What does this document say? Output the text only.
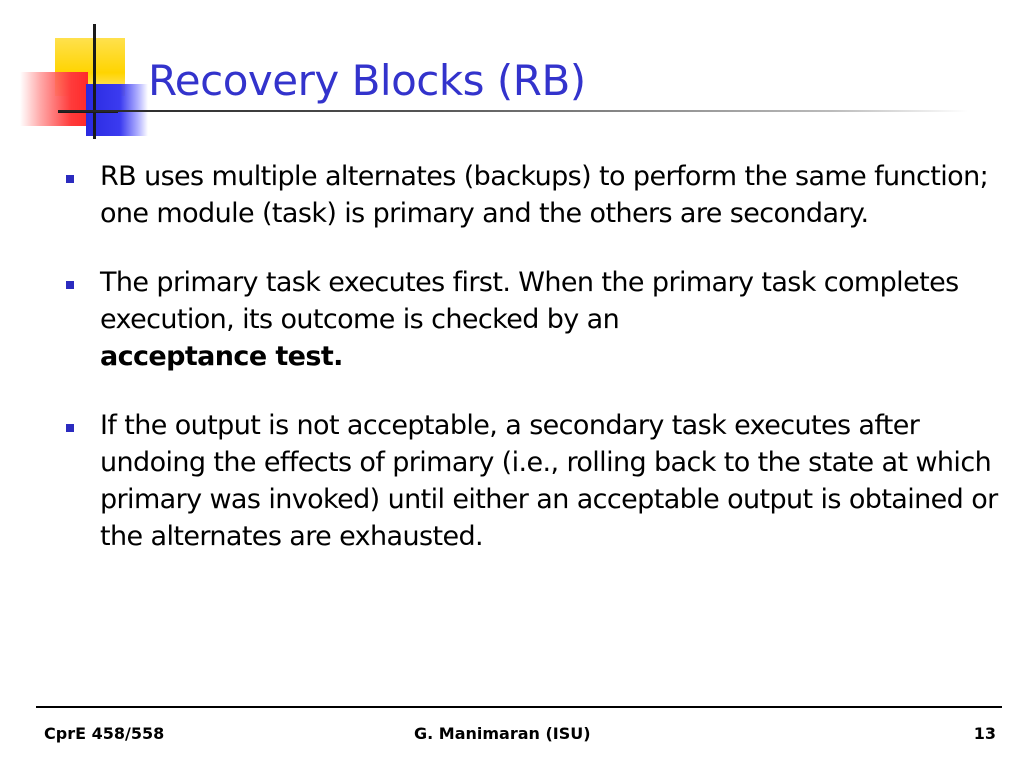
Recovery Blocks (RB)
RB uses multiple alternates (backups) to perform the same function; one module (task) is primary and the others are secondary.
The primary task executes first. When the primary task completes execution, its outcome is checked by an
acceptance test.
If the output is not acceptable, a secondary task executes after undoing the effects of primary (i.e., rolling back to the state at which primary was invoked) until either an acceptable output is obtained or the alternates are exhausted.
CprE 458/558	G. Manimaran (ISU)	13
